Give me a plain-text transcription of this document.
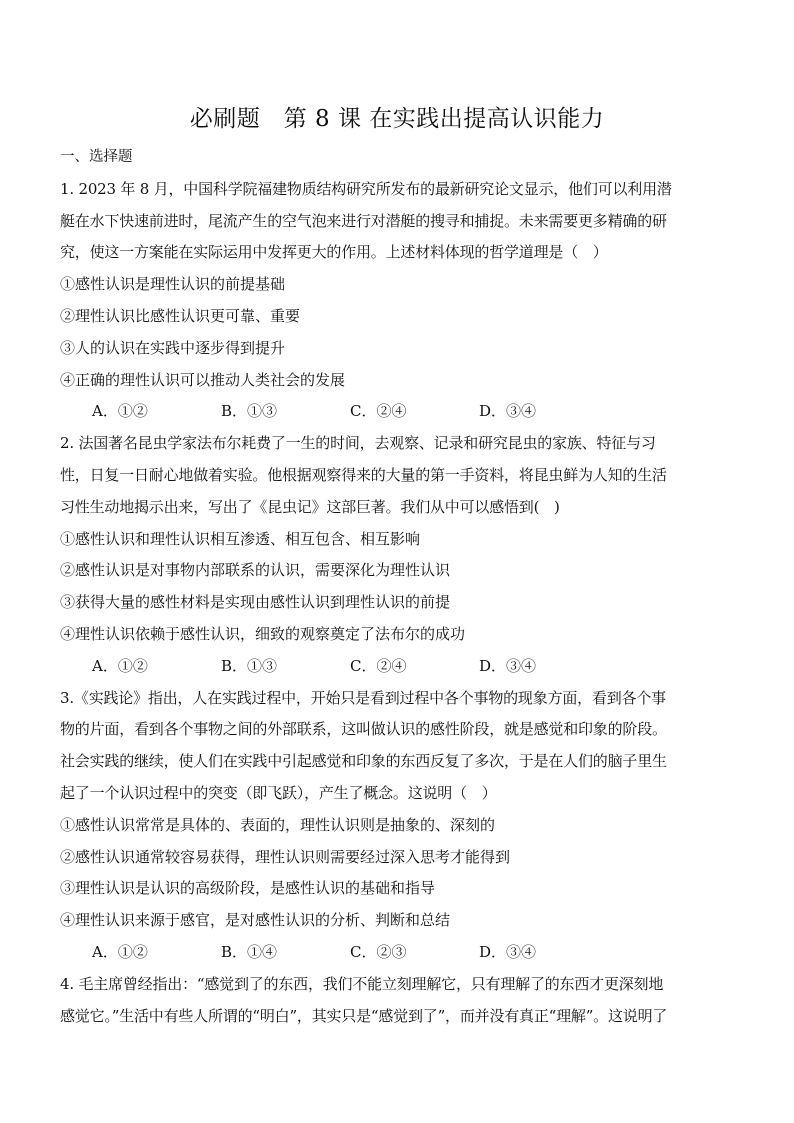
必刷题　第 8 课 在实践出提高认识能力
一、选择题
1. 2023 年 8 月，中国科学院福建物质结构研究所发布的最新研究论文显示，他们可以利用潜
艇在水下快速前进时，尾流产生的空气泡来进行对潜艇的搜寻和捕捉。未来需要更多精确的研
究，使这一方案能在实际运用中发挥更大的作用。上述材料体现的哲学道理是（　）
①感性认识是理性认识的前提基础
②理性认识比感性认识更可靠、重要
③人的认识在实践中逐步得到提升
④正确的理性认识可以推动人类社会的发展
A．①②	B．①③	C．②④	D．③④
2. 法国著名昆虫学家法布尔耗费了一生的时间，去观察、记录和研究昆虫的家族、特征与习
性，日复一日耐心地做着实验。他根据观察得来的大量的第一手资料，将昆虫鲜为人知的生活
习性生动地揭示出来，写出了《昆虫记》这部巨著。我们从中可以感悟到(　)
①感性认识和理性认识相互渗透、相互包含、相互影响
②感性认识是对事物内部联系的认识，需要深化为理性认识
③获得大量的感性材料是实现由感性认识到理性认识的前提
④理性认识依赖于感性认识，细致的观察奠定了法布尔的成功
A．①②	B．①③	C．②④	D．③④
3.《实践论》指出，人在实践过程中，开始只是看到过程中各个事物的现象方面，看到各个事
物的片面，看到各个事物之间的外部联系，这叫做认识的感性阶段，就是感觉和印象的阶段。
社会实践的继续，使人们在实践中引起感觉和印象的东西反复了多次，于是在人们的脑子里生
起了一个认识过程中的突变（即飞跃），产生了概念。这说明（　）
①感性认识常常是具体的、表面的，理性认识则是抽象的、深刻的
②感性认识通常较容易获得，理性认识则需要经过深入思考才能得到
③理性认识是认识的高级阶段，是感性认识的基础和指导
④理性认识来源于感官，是对感性认识的分析、判断和总结
A．①②	B．①④	C．②③	D．③④
4. 毛主席曾经指出：“感觉到了的东西，我们不能立刻理解它，只有理解了的东西才更深刻地
感觉它。”生活中有些人所谓的“明白”，其实只是“感觉到了”，而并没有真正“理解”。这说明了
